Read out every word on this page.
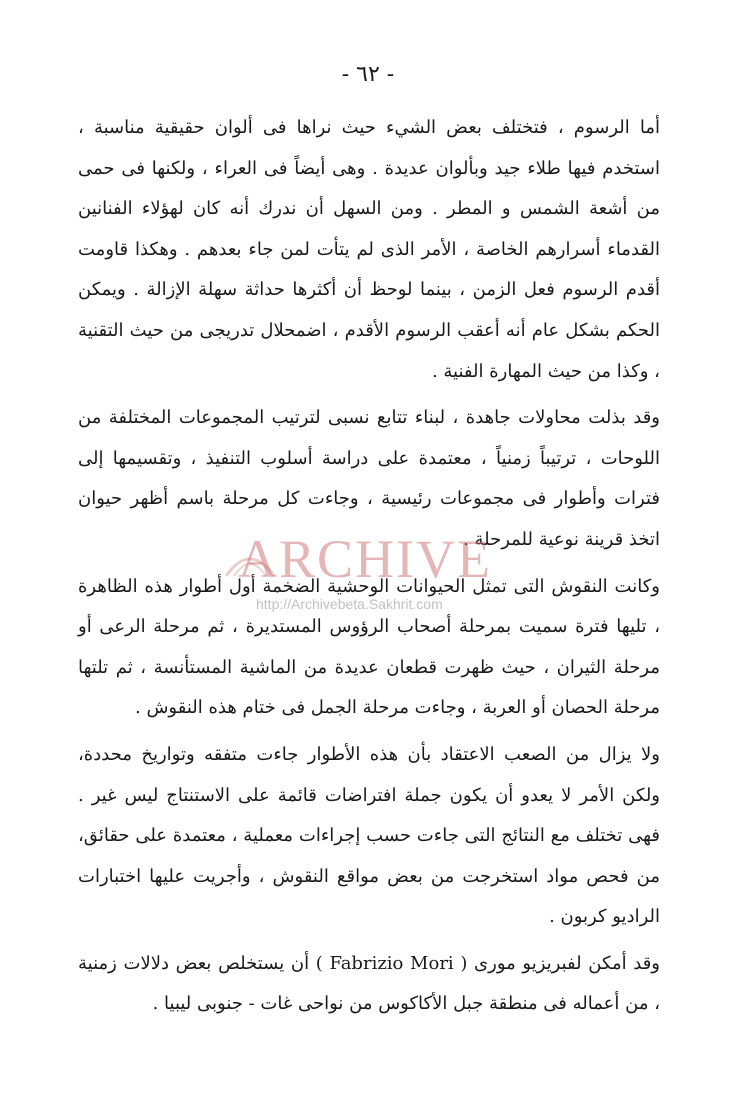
- ٦٢ -

أما الرسوم ، فتختلف بعض الشيء حيث نراها فى ألوان حقيقية مناسبة ، استخدم فيها طلاء جيد وبألوان عديدة . وهى أيضاً فى العراء ، ولكنها فى حمى من أشعة الشمس و المطر . ومن السهل أن ندرك أنه كان لهؤلاء الفنانين القدماء أسرارهم الخاصة ، الأمر الذى لم يتأت لمن جاء بعدهم . وهكذا قاومت أقدم الرسوم فعل الزمن ، بينما لوحظ أن أكثرها حداثة سهلة الإزالة . ويمكن الحكم بشكل عام أنه أعقب الرسوم الأقدم ، اضمحلال تدريجى من حيث التقنية ، وكذا من حيث المهارة الفنية .

وقد بذلت محاولات جاهدة ، لبناء تتابع نسبى لترتيب المجموعات المختلفة من اللوحات ، ترتيباً زمنياً ، معتمدة على دراسة أسلوب التنفيذ ، وتقسيمها إلى فترات وأطوار فى مجموعات رئيسية ، وجاءت كل مرحلة باسم أظهر حيوان اتخذ قرينة نوعية للمرحلة .

وكانت النقوش التى تمثل الحيوانات الوحشية الضخمة أول أطوار هذه الظاهرة ، تليها فترة سميت بمرحلة أصحاب الرؤوس المستديرة ، ثم مرحلة الرعى أو مرحلة الثيران ، حيث ظهرت قطعان عديدة من الماشية المستأنسة ، ثم تلتها مرحلة الحصان أو العربة ، وجاءت مرحلة الجمل فى ختام هذه النقوش .

ولا يزال من الصعب الاعتقاد بأن هذه الأطوار جاءت متفقه وتواريخ محددة، ولكن الأمر لا يعدو أن يكون جملة افتراضات قائمة على الاستنتاج ليس غير . فهى تختلف مع النتائج التى جاءت حسب إجراءات معملية ، معتمدة على حقائق، من فحص مواد استخرجت من بعض مواقع النقوش ، وأجريت عليها اختبارات الراديو كربون .

وقد أمكن لفبريزيو مورى ( Fabrizio Mori ) أن يستخلص بعض دلالات زمنية ، من أعماله فى منطقة جبل الأكاكوس من نواحى غات - جنوبى ليبيا .

ARCHIVE
http://Archivebeta.Sakhrit.com
